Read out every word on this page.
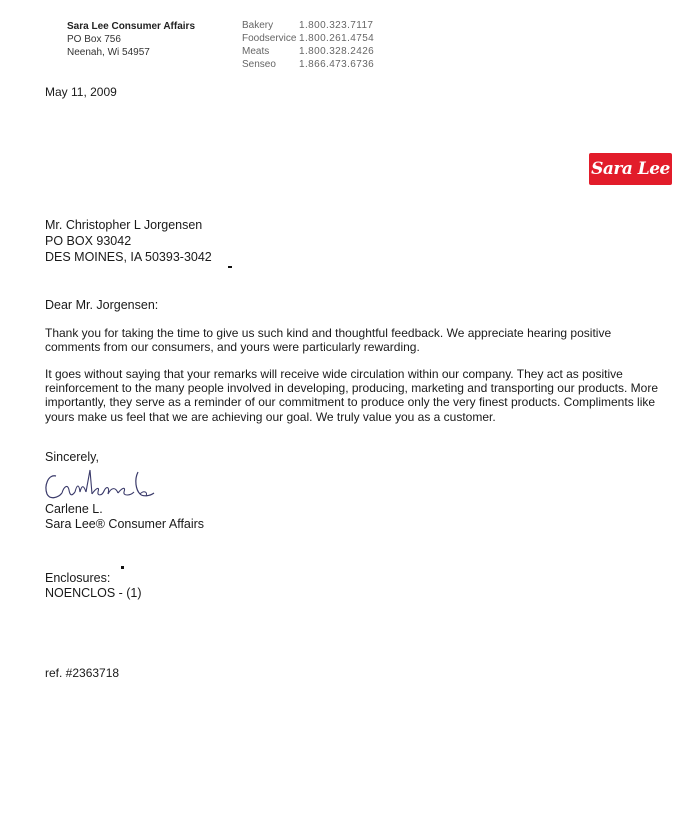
Sara Lee Consumer Affairs
PO Box 756
Neenah, Wi 54957
Bakery	1.800.323.7117
Foodservice 1.800.261.4754
Meats	1.800.328.2426
Senseo	1.866.473.6736
May 11, 2009
Sara Lee
Mr. Christopher L Jorgensen
PO BOX 93042
DES MOINES, IA 50393-3042
Dear Mr. Jorgensen:
Thank you for taking the time to give us such kind and thoughtful feedback. We appreciate hearing positive comments from our consumers, and yours were particularly rewarding.
It goes without saying that your remarks will receive wide circulation within our company. They act as positive reinforcement to the many people involved in developing, producing, marketing and transporting our products. More importantly, they serve as a reminder of our commitment to produce only the very finest products. Compliments like yours make us feel that we are achieving our goal. We truly value you as a customer.
Sincerely,
Carlene L.
Sara Lee® Consumer Affairs
Enclosures:
NOENCLOS - (1)
ref. #2363718
